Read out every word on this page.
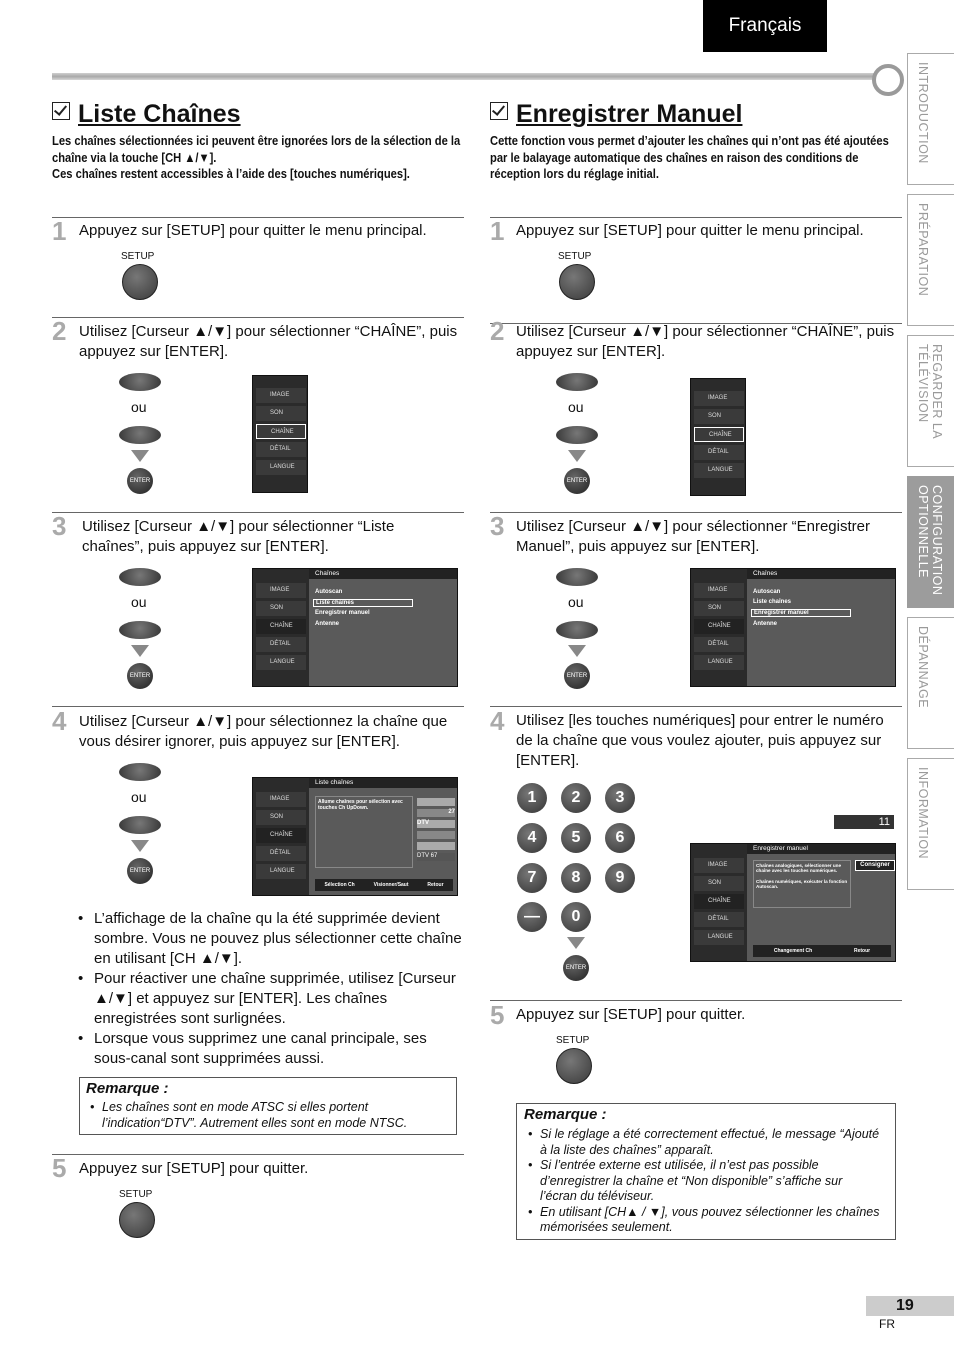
Français
INTRODUCTION
PRÉPARATION
REGARDER LA TÉLÉVISION
CONFIGURATION OPTIONNELLE
DÉPANNAGE
INFORMATION
Liste Chaînes
Les chaînes sélectionnées ici peuvent être ignorées lors de la sélection de la chaîne via la touche [CH ▲/▼].
Ces chaînes restent accessibles à l’aide des [touches numériques].
1 Appuyez sur [SETUP] pour quitter le menu principal.
SETUP
2 Utilisez [Curseur ▲/▼] pour sélectionner “CHAÎNE”, puis appuyez sur [ENTER].
ou
ENTER
IMAGE
SON
CHAÎNE
DÉTAIL
LANGUE
3 Utilisez [Curseur ▲/▼] pour sélectionner “Liste chaînes”, puis appuyez sur [ENTER].
ou
ENTER
IMAGE
SON
CHAÎNE
DÉTAIL
LANGUE
Chaînes
Autoscan
Liste chaînes
Enregistrer manuel
Antenne
4 Utilisez [Curseur ▲/▼] pour sélectionnez la chaîne que vous désirer ignorer, puis appuyez sur [ENTER].
ou
ENTER
IMAGE
SON
CHAÎNE
DÉTAIL
LANGUE
Liste chaînes
Allume chaînes pour sélection avec touches Ch UpDown.
27
DTV
DTV 67
Sélection Ch	Visionner/Saut	Retour
• L’affichage de la chaîne qu la été supprimée devient sombre. Vous ne pouvez plus sélectionner cette chaîne en utilisant [CH ▲/▼].
• Pour réactiver une chaîne supprimée, utilisez [Curseur ▲/▼] et appuyez sur [ENTER]. Les chaînes enregistrées sont surlignées.
• Lorsque vous supprimez une canal principale, ses sous-canal sont supprimées aussi.
Remarque :
• Les chaînes sont en mode ATSC si elles portent l’indication“DTV”. Autrement elles sont en mode NTSC.
5 Appuyez sur [SETUP] pour quitter.
SETUP
Enregistrer Manuel
Cette fonction vous permet d’ajouter les chaînes qui n’ont pas été ajoutées par le balayage automatique des chaînes en raison des conditions de réception lors du réglage initial.
1 Appuyez sur [SETUP] pour quitter le menu principal.
SETUP
2 Utilisez [Curseur ▲/▼] pour sélectionner “CHAÎNE”, puis appuyez sur [ENTER].
ou
ENTER
IMAGE
SON
CHAÎNE
DÉTAIL
LANGUE
3 Utilisez [Curseur ▲/▼] pour sélectionner “Enregistrer Manuel”, puis appuyez sur [ENTER].
ou
ENTER
IMAGE
SON
CHAÎNE
DÉTAIL
LANGUE
Chaînes
Autoscan
Liste chaînes
Enregistrer manuel
Antenne
4 Utilisez [les touches numériques] pour entrer le numéro de la chaîne que vous voulez ajouter, puis appuyez sur [ENTER].
1	2	3
4	5	6
7	8	9
—	0
ENTER
11
IMAGE
SON
CHAÎNE
DÉTAIL
LANGUE
Enregistrer manuel
Chaînes analogiques, sélectionner une chaîne avec les touches numériques.
Chaînes numériques, exécuter la fonction Autoscan.
Consigner
Changement Ch	Retour
5 Appuyez sur [SETUP] pour quitter.
SETUP
Remarque :
• Si le réglage a été correctement effectué, le message “Ajouté à la liste des chaînes” apparaît.
• Si l’entrée externe est utilisée, il n’est pas possible d’enregistrer la chaîne et “Non disponible” s’affiche sur l’écran du téléviseur.
• En utilisant [CH▲ / ▼], vous pouvez sélectionner les chaînes mémorisées seulement.
19
FR
